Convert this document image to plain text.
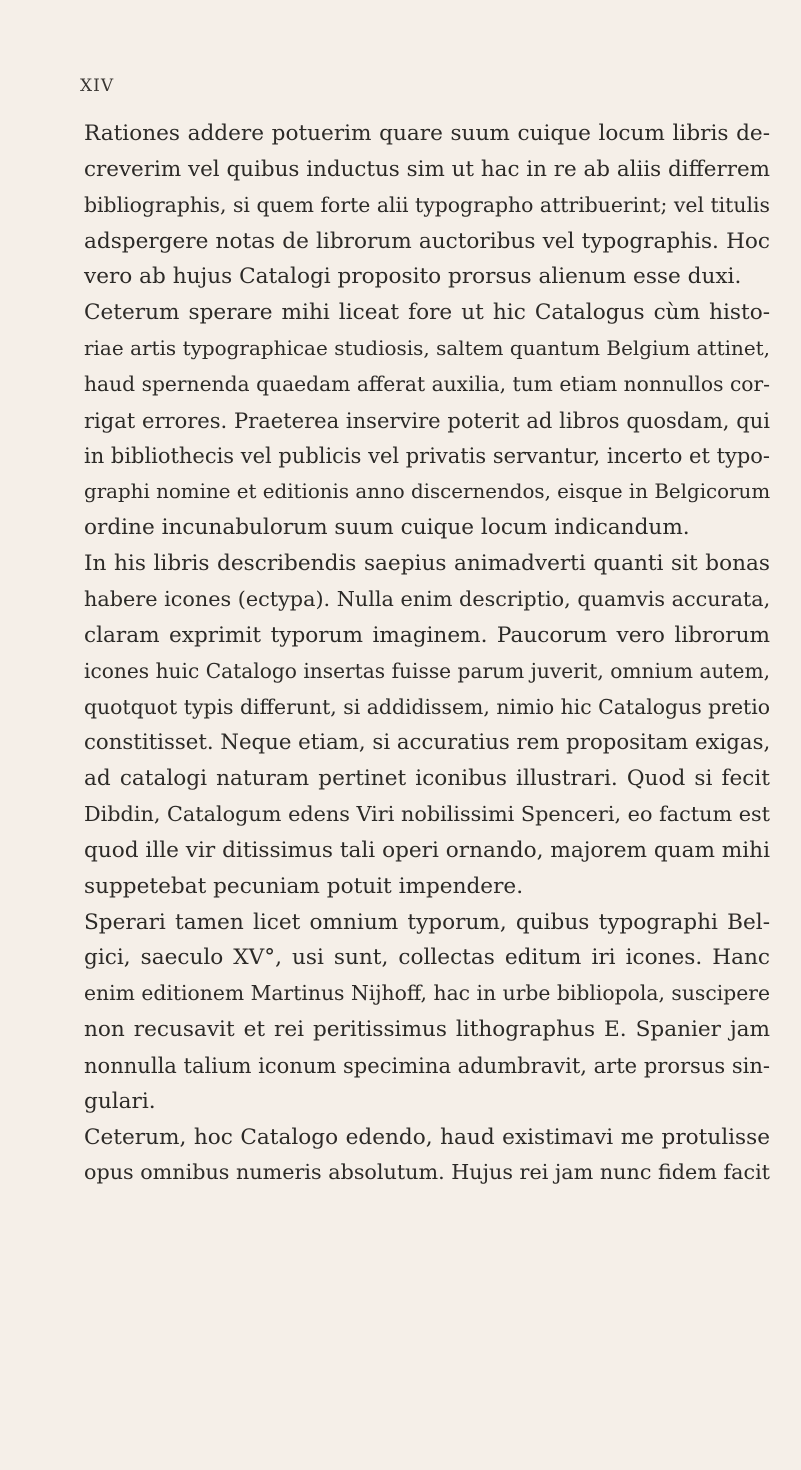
XIV

Rationes addere potuerim quare suum cuique locum libris de-
creverim vel quibus inductus sim ut hac in re ab aliis differrem
bibliographis, si quem forte alii typographo attribuerint; vel titulis
adspergere notas de librorum auctoribus vel typographis. Hoc
vero ab hujus Catalogi proposito prorsus alienum esse duxi.

Ceterum sperare mihi liceat fore ut hic Catalogus cùm histo-
riae artis typographicae studiosis, saltem quantum Belgium attinet,
haud spernenda quaedam afferat auxilia, tum etiam nonnullos cor-
rigat errores. Praeterea inservire poterit ad libros quosdam, qui
in bibliothecis vel publicis vel privatis servantur, incerto et typo-
graphi nomine et editionis anno discernendos, eisque in Belgicorum
ordine incunabulorum suum cuique locum indicandum.

In his libris describendis saepius animadverti quanti sit bonas
habere icones (ectypa). Nulla enim descriptio, quamvis accurata,
claram exprimit typorum imaginem. Paucorum vero librorum
icones huic Catalogo insertas fuisse parum juverit, omnium autem,
quotquot typis differunt, si addidissem, nimio hic Catalogus pretio
constitisset. Neque etiam, si accuratius rem propositam exigas,
ad catalogi naturam pertinet iconibus illustrari. Quod si fecit
Dibdin, Catalogum edens Viri nobilissimi Spenceri, eo factum est
quod ille vir ditissimus tali operi ornando, majorem quam mihi
suppetebat pecuniam potuit impendere.

Sperari tamen licet omnium typorum, quibus typographi Bel-
gici, saeculo XV°, usi sunt, collectas editum iri icones. Hanc
enim editionem Martinus Nijhoff, hac in urbe bibliopola, suscipere
non recusavit et rei peritissimus lithographus E. Spanier jam
nonnulla talium iconum specimina adumbravit, arte prorsus sin-
gulari.

Ceterum, hoc Catalogo edendo, haud existimavi me protulisse
opus omnibus numeris absolutum. Hujus rei jam nunc fidem facit
